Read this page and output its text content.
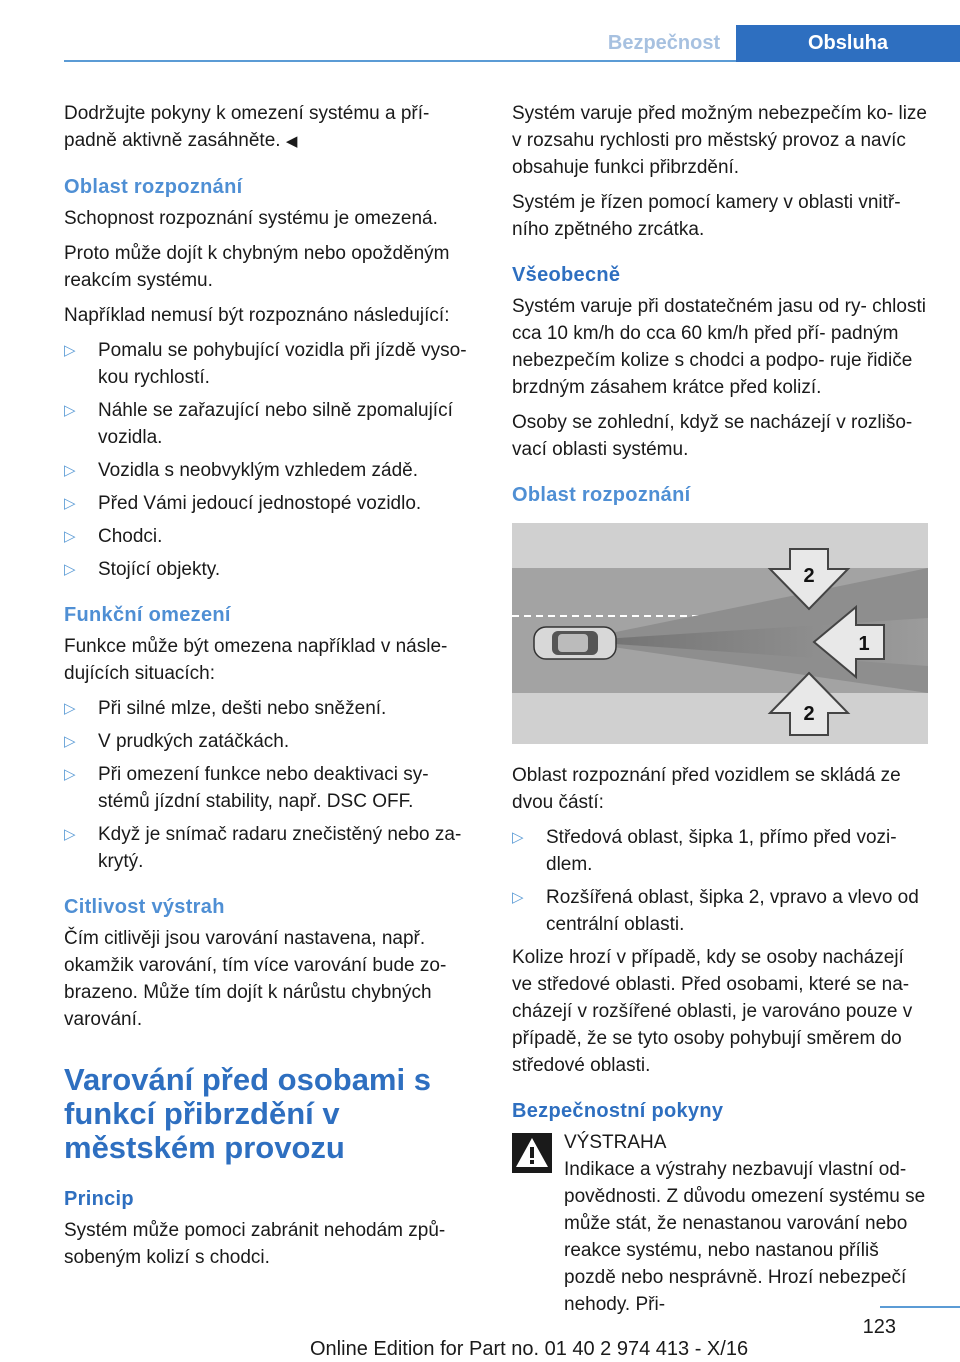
Bezpečnost	Obsluha

Dodržujte pokyny k omezení systému a pří‐ padně aktivně zasáhněte. ◀

Oblast rozpoznání

Schopnost rozpoznání systému je omezená.

Proto může dojít k chybným nebo opožděným reakcím systému.

Například nemusí být rozpoznáno následující:

▷ Pomalu se pohybující vozidla při jízdě vyso‐ kou rychlostí.
▷ Náhle se zařazující nebo silně zpomalující vozidla.
▷ Vozidla s neobvyklým vzhledem zádě.
▷ Před Vámi jedoucí jednostopé vozidlo.
▷ Chodci.
▷ Stojící objekty.
Funkční omezení

Funkce může být omezena například v násle‐ dujících situacích:

▷ Při silné mlze, dešti nebo sněžení.
▷ V prudkých zatáčkách.
▷ Při omezení funkce nebo deaktivaci sy‐ stémů jízdní stability, např. DSC OFF.
▷ Když je snímač radaru znečistěný nebo za‐ krytý.
Citlivost výstrah

Čím citlivěji jsou varování nastavena, např. okamžik varování, tím více varování bude zo‐ brazeno. Může tím dojít k nárůstu chybných varování.

Varování před osobami s funkcí přibrzdění v městském provozu
Princip

Systém může pomoci zabránit nehodám způ‐ sobeným kolizí s chodci.

Systém varuje před možným nebezpečím ko‐ lize v rozsahu rychlosti pro městský provoz a navíc obsahuje funkci přibrzdění.

Systém je řízen pomocí kamery v oblasti vnitř‐ ního zpětného zrcátka.

Všeobecně

Systém varuje při dostatečném jasu od ry‐ chlosti cca 10 km/h do cca 60 km/h před pří‐ padným nebezpečím kolize s chodci a podpo‐ ruje řidiče brzdným zásahem krátce před kolizí.

Osoby se zohlední, když se nacházejí v rozlišo‐ vací oblasti systému.

Oblast rozpoznání
2
1
2

Oblast rozpoznání před vozidlem se skládá ze dvou částí:

▷ Středová oblast, šipka 1, přímo před vozi‐ dlem.
▷ Rozšířená oblast, šipka 2, vpravo a vlevo od centrální oblasti.

Kolize hrozí v případě, kdy se osoby nacházejí ve středové oblasti. Před osobami, které se na‐ cházejí v rozšířené oblasti, je varováno pouze v případě, že se tyto osoby pohybují směrem do středové oblasti.

Bezpečnostní pokyny

VÝSTRAHA

Indikace a výstrahy nezbavují vlastní od‐ povědnosti. Z důvodu omezení systému se může stát, že nenastanou varování nebo reakce systému, nebo nastanou příliš pozdě nebo nesprávně. Hrozí nebezpečí nehody. Při‐

123
Online Edition for Part no. 01 40 2 974 413 - X/16
